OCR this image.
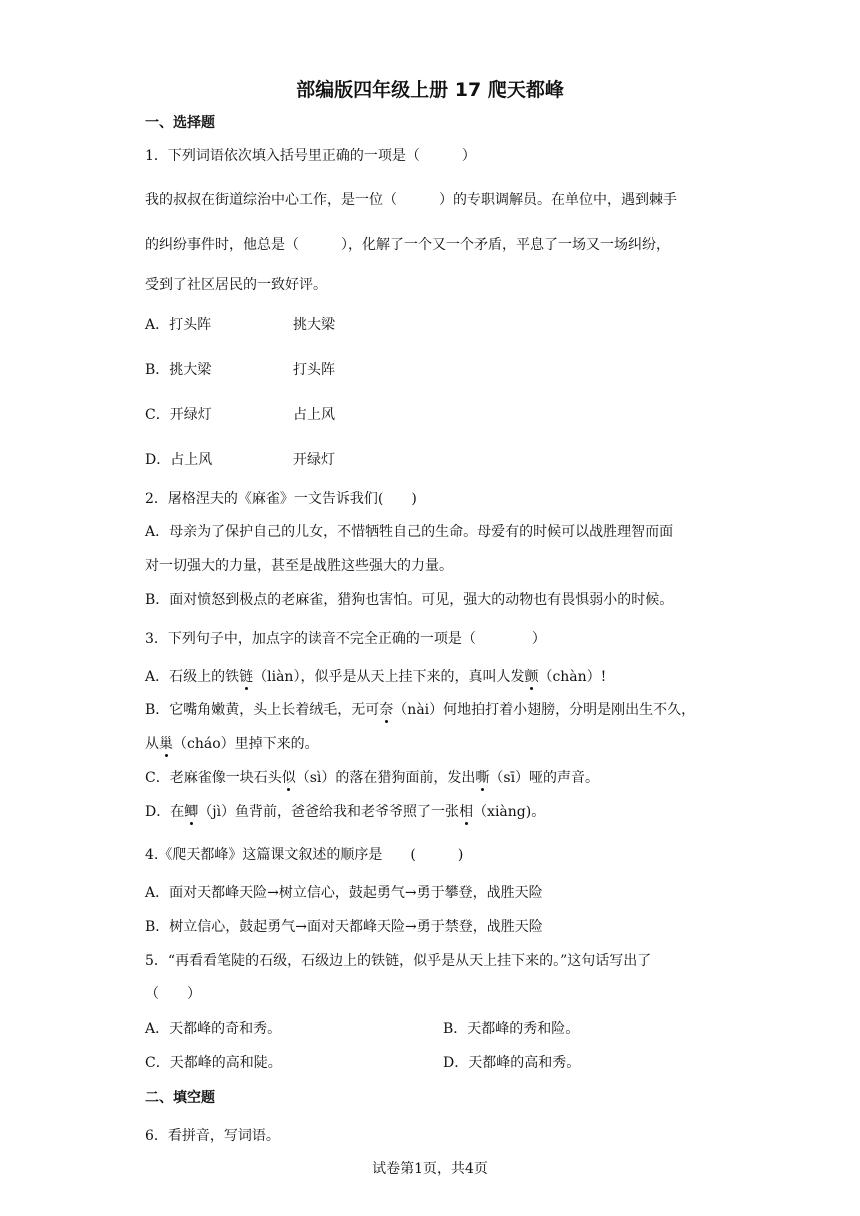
部编版四年级上册 17 爬天都峰
一、选择题
1．下列词语依次填入括号里正确的一项是（　　　）
我的叔叔在街道综治中心工作，是一位（　　　）的专职调解员。在单位中，遇到棘手
的纠纷事件时，他总是（　　　），化解了一个又一个矛盾，平息了一场又一场纠纷，
受到了社区居民的一致好评。
A．打头阵	挑大梁
B．挑大梁	打头阵
C．开绿灯	占上风
D．占上风	开绿灯
2．屠格涅夫的《麻雀》一文告诉我们(　　)
A．母亲为了保护自己的儿女，不惜牺牲自己的生命。母爱有的时候可以战胜理智而面
对一切强大的力量，甚至是战胜这些强大的力量。
B．面对愤怒到极点的老麻雀，猎狗也害怕。可见，强大的动物也有畏惧弱小的时候。
3．下列句子中，加点字的读音不完全正确的一项是（　　　　）
A．石级上的铁链（liàn），似乎是从天上挂下来的，真叫人发颤（chàn）!
B．它嘴角嫩黄，头上长着绒毛，无可奈（nài）何地拍打着小翅膀，分明是刚出生不久，
从巢（cháo）里掉下来的。
C．老麻雀像一块石头似（sì）的落在猎狗面前，发出嘶（sī）哑的声音。
D．在鲫（jì）鱼背前，爸爸给我和老爷爷照了一张相（xiàng)。
4.《爬天都峰》这篇课文叙述的顺序是　　(　　　)
A．面对天都峰天险→树立信心，鼓起勇气→勇于攀登，战胜天险
B．树立信心，鼓起勇气→面对天都峰天险→勇于禁登，战胜天险
5．“再看看笔陡的石级，石级边上的铁链，似乎是从天上挂下来的。”这句话写出了
（　　）
A．天都峰的奇和秀。	B．天都峰的秀和险。
C．天都峰的高和陡。	D．天都峰的高和秀。
二、填空题
6．看拼音，写词语。
试卷第1页，共4页
